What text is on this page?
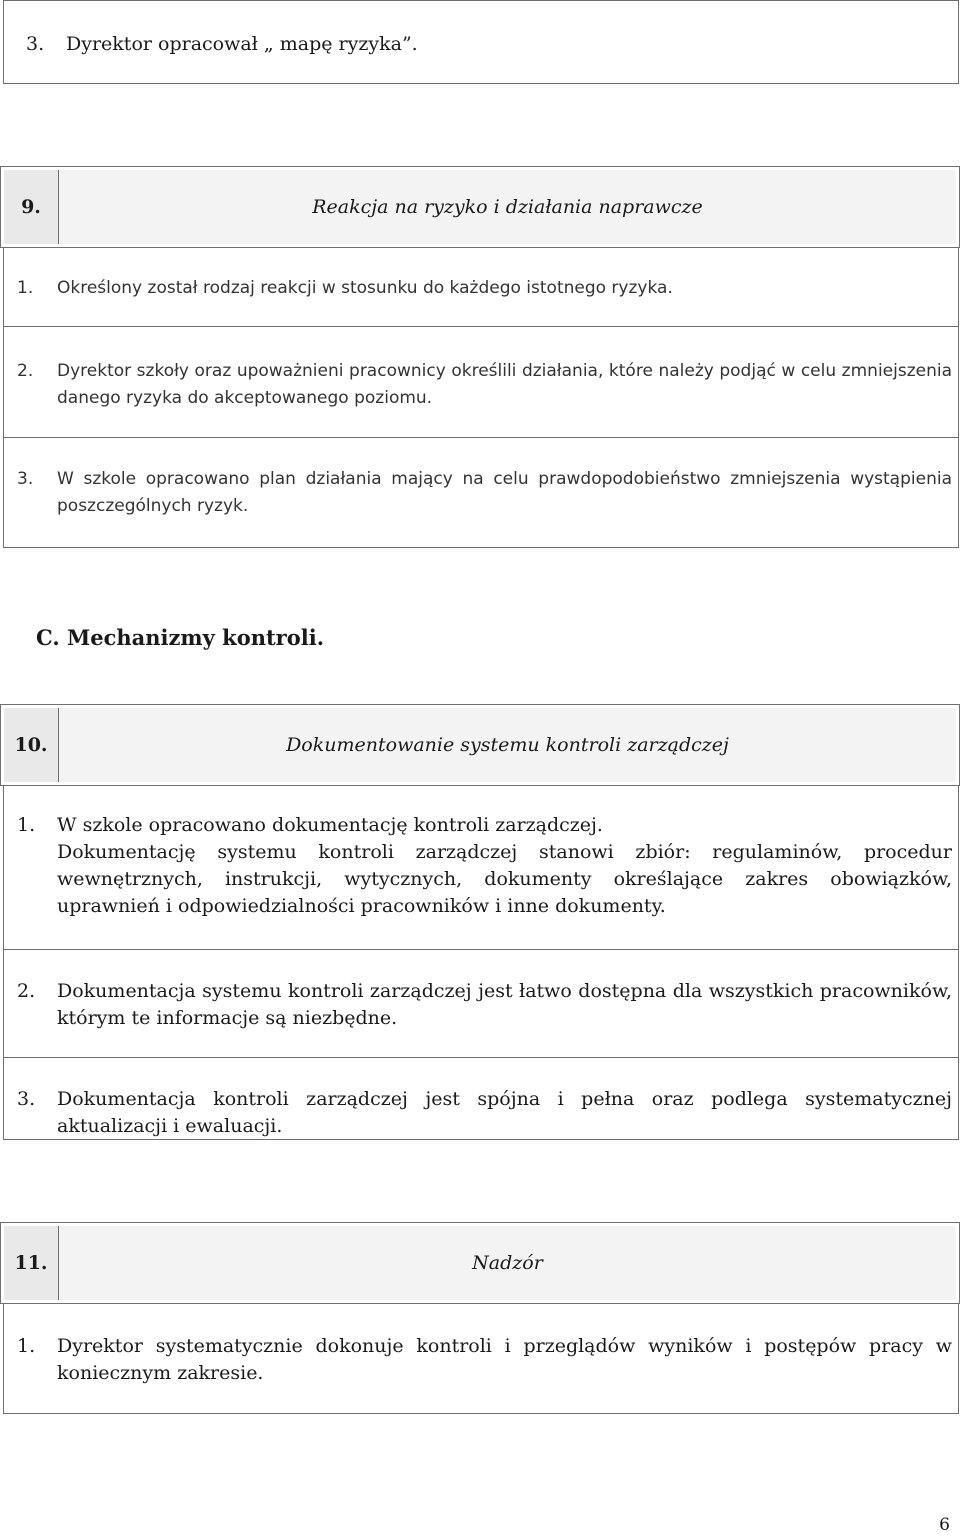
3. Dyrektor opracował „ mapę ryzyka”.

9.	Reakcja na ryzyko i działania naprawcze

1. Określony został rodzaj reakcji w stosunku do każdego istotnego ryzyka.

2. Dyrektor szkoły oraz upoważnieni pracownicy określili działania, które należy podjąć w celu zmniejszenia danego ryzyka do akceptowanego poziomu.

3. W szkole opracowano plan działania mający na celu prawdopodobieństwo zmniejszenia wystąpienia poszczególnych ryzyk.

C. Mechanizmy kontroli.
10.	Dokumentowanie systemu kontroli zarządczej

1. W szkole opracowano dokumentację kontroli zarządczej.

Dokumentację systemu kontroli zarządczej stanowi zbiór: regulaminów, procedur wewnętrznych, instrukcji, wytycznych, dokumenty określające zakres obowiązków, uprawnień i odpowiedzialności pracowników i inne dokumenty.

2. Dokumentacja systemu kontroli zarządczej jest łatwo dostępna dla wszystkich pracowników, którym te informacje są niezbędne.

3. Dokumentacja kontroli zarządczej jest spójna i pełna oraz podlega systematycznej aktualizacji i ewaluacji.

11.	Nadzór

1. Dyrektor systematycznie dokonuje kontroli i przeglądów wyników i postępów pracy w koniecznym zakresie.

6
